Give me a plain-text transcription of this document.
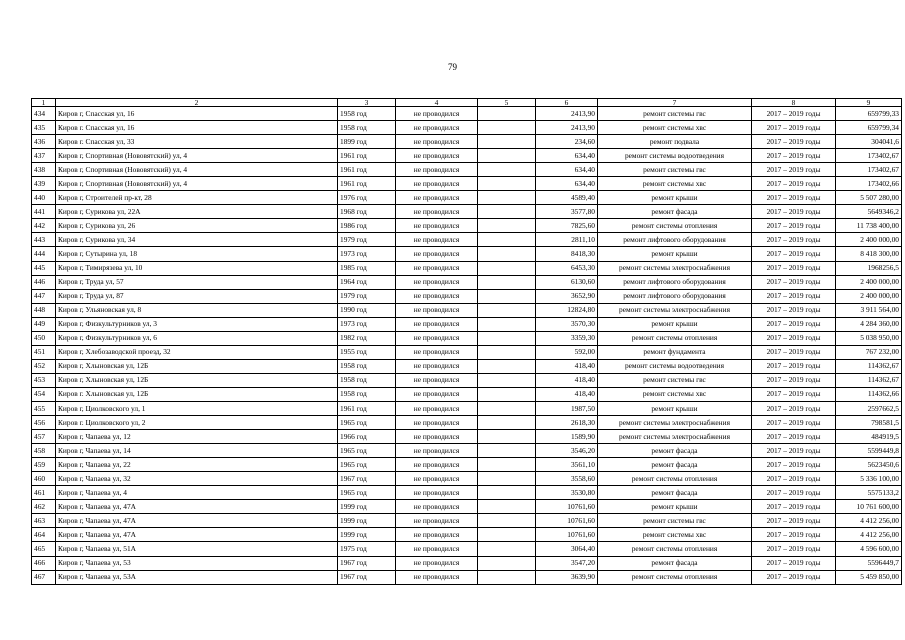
79
1	2	3	4	5	6	7	8	9
434	Киров г, Спасская ул, 16	1958 год	не проводился		2413,90	ремонт системы гвс	2017 – 2019 годы	659799,33
435	Киров г. Спасская ул, 16	1958 год	не проводился		2413,90	ремонт системы хвс	2017 – 2019 годы	659799,34
436	Киров г. Спасская ул, 33	1899 год	не проводился		234,60	ремонт подвала	2017 – 2019 годы	304041,6
437	Киров г, Спортивная (Нововятский) ул, 4	1961 год	не проводился		634,40	ремонт системы водоотведения	2017 – 2019 годы	173402,67
438	Киров г, Спортивная (Нововятский) ул, 4	1961 год	не проводился		634,40	ремонт системы гвс	2017 – 2019 годы	173402,67
439	Киров г, Спортивная (Нововятский) ул, 4	1961 год	не проводился		634,40	ремонт системы хвс	2017 – 2019 годы	173402,66
440	Киров г, Строителей пр-кт, 28	1976 год	не проводился		4589,40	ремонт крыши	2017 – 2019 годы	5 507 280,00
441	Киров г, Сурикова ул, 22А	1968 год	не проводился		3577,80	ремонт фасада	2017 – 2019 годы	5649346,2
442	Киров г, Сурикова ул, 26	1986 год	не проводился		7825,60	ремонт системы отопления	2017 – 2019 годы	11 738 400,00
443	Киров г, Сурикова ул, 34	1979 год	не проводился		2811,10	ремонт лифтового оборудования	2017 – 2019 годы	2 400 000,00
444	Киров г, Сутырина ул, 18	1973 год	не проводился		8418,30	ремонт крыши	2017 – 2019 годы	8 418 300,00
445	Киров г, Тимирязева ул, 10	1985 год	не проводился		6453,30	ремонт системы электроснабжения	2017 – 2019 годы	1968256,5
446	Киров г, Труда ул, 57	1964 год	не проводился		6130,60	ремонт лифтового оборудования	2017 – 2019 годы	2 400 000,00
447	Киров г, Труда ул, 87	1979 год	не проводился		3652,90	ремонт лифтового оборудования	2017 – 2019 годы	2 400 000,00
448	Киров г, Ульяновская ул, 8	1990 год	не проводился		12824,80	ремонт системы электроснабжения	2017 – 2019 годы	3 911 564,00
449	Киров г, Физкультурников ул, 3	1973 год	не проводился		3570,30	ремонт крыши	2017 – 2019 годы	4 284 360,00
450	Киров г, Физкультурников ул, 6	1982 год	не проводился		3359,30	ремонт системы отопления	2017 – 2019 годы	5 038 950,00
451	Киров г, Хлебозаводской проезд, 32	1955 год	не проводился		592,00	ремонт фундамента	2017 – 2019 годы	767 232,00
452	Киров г, Хлыновская ул, 12Б	1958 год	не проводился		418,40	ремонт системы водоотведения	2017 – 2019 годы	114362,67
453	Киров г, Хлыновская ул, 12Б	1958 год	не проводился		418,40	ремонт системы гвс	2017 – 2019 годы	114362,67
454	Киров г. Хлыновская ул, 12Б	1958 год	не проводился		418,40	ремонт системы хвс	2017 – 2019 годы	114362,66
455	Киров г, Циолковского ул, 1	1961 год	не проводился		1987,50	ремонт крыши	2017 – 2019 годы	2597662,5
456	Киров г. Циолковского ул, 2	1965 год	не проводился		2618,30	ремонт системы электроснабжения	2017 – 2019 годы	798581,5
457	Киров г, Чапаева ул, 12	1966 год	не проводился		1589,90	ремонт системы электроснабжения	2017 – 2019 годы	484919,5
458	Киров г, Чапаева ул, 14	1965 год	не проводился		3546,20	ремонт фасада	2017 – 2019 годы	5599449,8
459	Киров г, Чапаева ул, 22	1965 год	не проводился		3561,10	ремонт фасада	2017 – 2019 годы	5623450,6
460	Киров г, Чапаева ул, 32	1967 год	не проводился		3558,60	ремонт системы отопления	2017 – 2019 годы	5 336 100,00
461	Киров г, Чапаева ул, 4	1965 год	не проводился		3530,80	ремонт фасада	2017 – 2019 годы	5575133,2
462	Киров г, Чапаева ул, 47А	1999 год	не проводился		10761,60	ремонт крыши	2017 – 2019 годы	10 761 600,00
463	Киров г, Чапаева ул, 47А	1999 год	не проводился		10761,60	ремонт системы гвс	2017 – 2019 годы	4 412 256,00
464	Киров г, Чапаева ул, 47А	1999 год	не проводился		10761,60	ремонт системы хвс	2017 – 2019 годы	4 412 256,00
465	Киров г, Чапаева ул, 51А	1975 год	не проводился		3064,40	ремонт системы отопления	2017 – 2019 годы	4 596 600,00
466	Киров г, Чапаева ул, 53	1967 год	не проводился		3547,20	ремонт фасада	2017 – 2019 годы	5596449,7
467	Киров г, Чапаева ул, 53А	1967 год	не проводился		3639,90	ремонт системы отопления	2017 – 2019 годы	5 459 850,00
